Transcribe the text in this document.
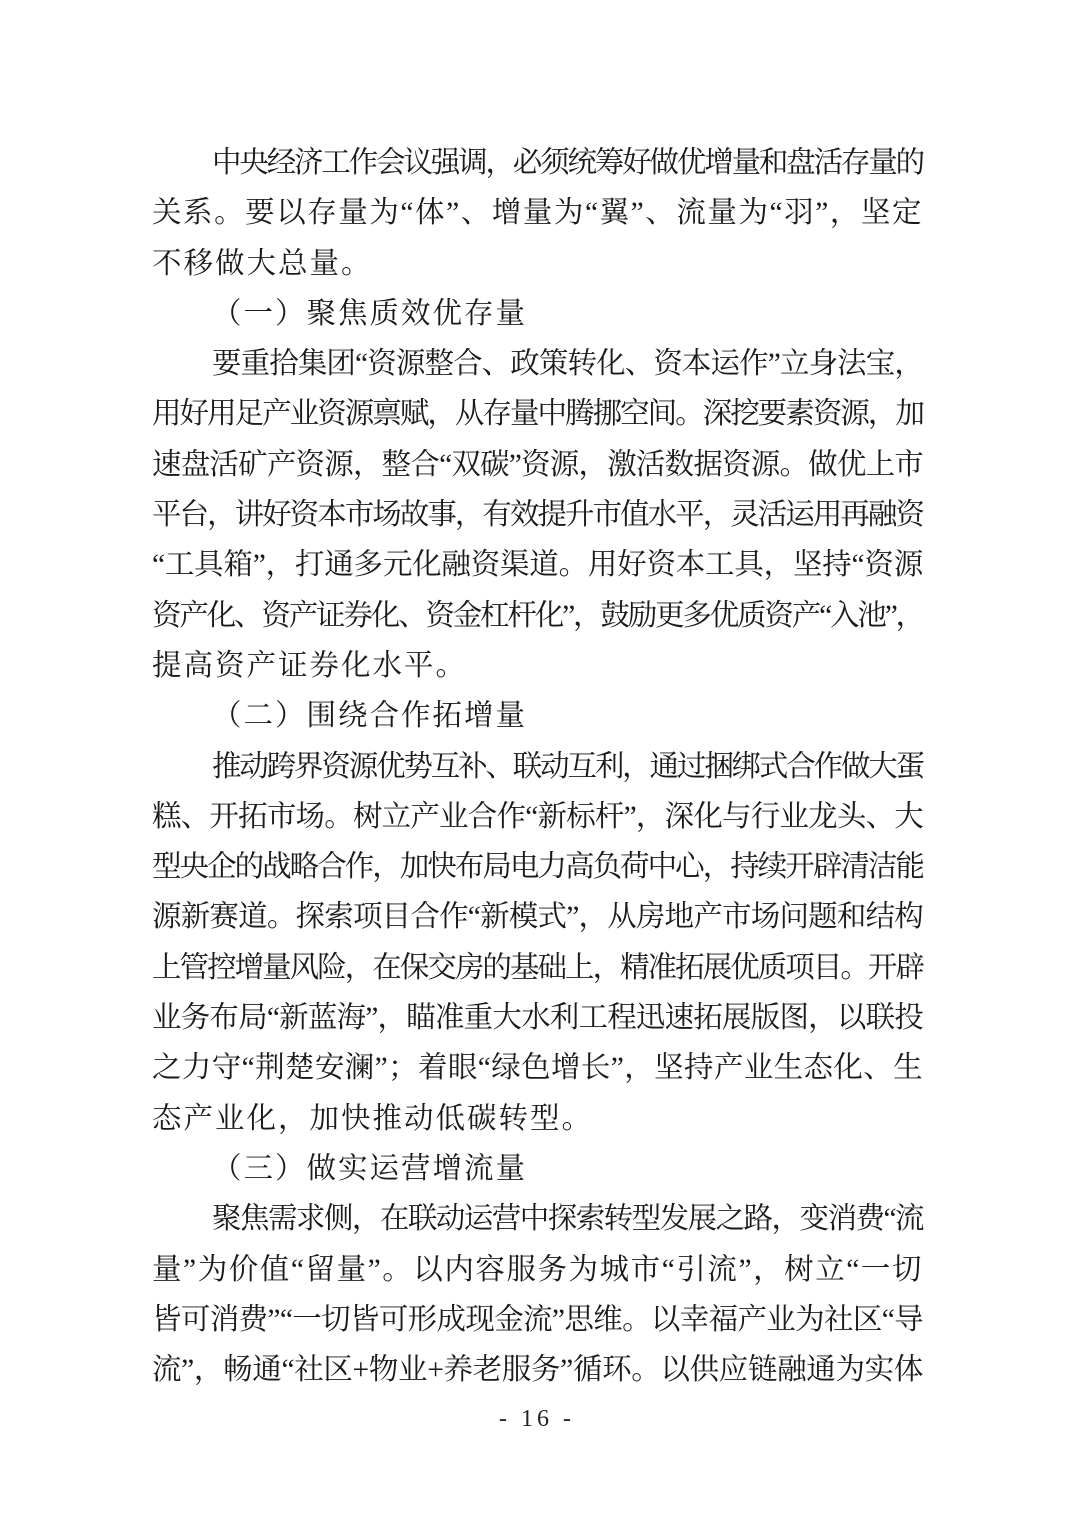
中央经济工作会议强调，必须统筹好做优增量和盘活存量的
关系。要以存量为“体”、增量为“翼”、流量为“羽”，坚定
不移做大总量。

（一）聚焦质效优存量

要重拾集团“资源整合、政策转化、资本运作”立身法宝，
用好用足产业资源禀赋，从存量中腾挪空间。深挖要素资源，加
速盘活矿产资源，整合“双碳”资源，激活数据资源。做优上市
平台，讲好资本市场故事，有效提升市值水平，灵活运用再融资
“工具箱”，打通多元化融资渠道。用好资本工具，坚持“资源
资产化、资产证券化、资金杠杆化”，鼓励更多优质资产“入池”，
提高资产证券化水平。

（二）围绕合作拓增量

推动跨界资源优势互补、联动互利，通过捆绑式合作做大蛋
糕、开拓市场。树立产业合作“新标杆”，深化与行业龙头、大
型央企的战略合作，加快布局电力高负荷中心，持续开辟清洁能
源新赛道。探索项目合作“新模式”，从房地产市场问题和结构
上管控增量风险，在保交房的基础上，精准拓展优质项目。开辟
业务布局“新蓝海”，瞄准重大水利工程迅速拓展版图，以联投
之力守“荆楚安澜”；着眼“绿色增长”，坚持产业生态化、生
态产业化，加快推动低碳转型。

（三）做实运营增流量

聚焦需求侧，在联动运营中探索转型发展之路，变消费“流
量”为价值“留量”。以内容服务为城市“引流”，树立“一切
皆可消费”“一切皆可形成现金流”思维。以幸福产业为社区“导
流”，畅通“社区+物业+养老服务”循环。以供应链融通为实体

- 16 -
